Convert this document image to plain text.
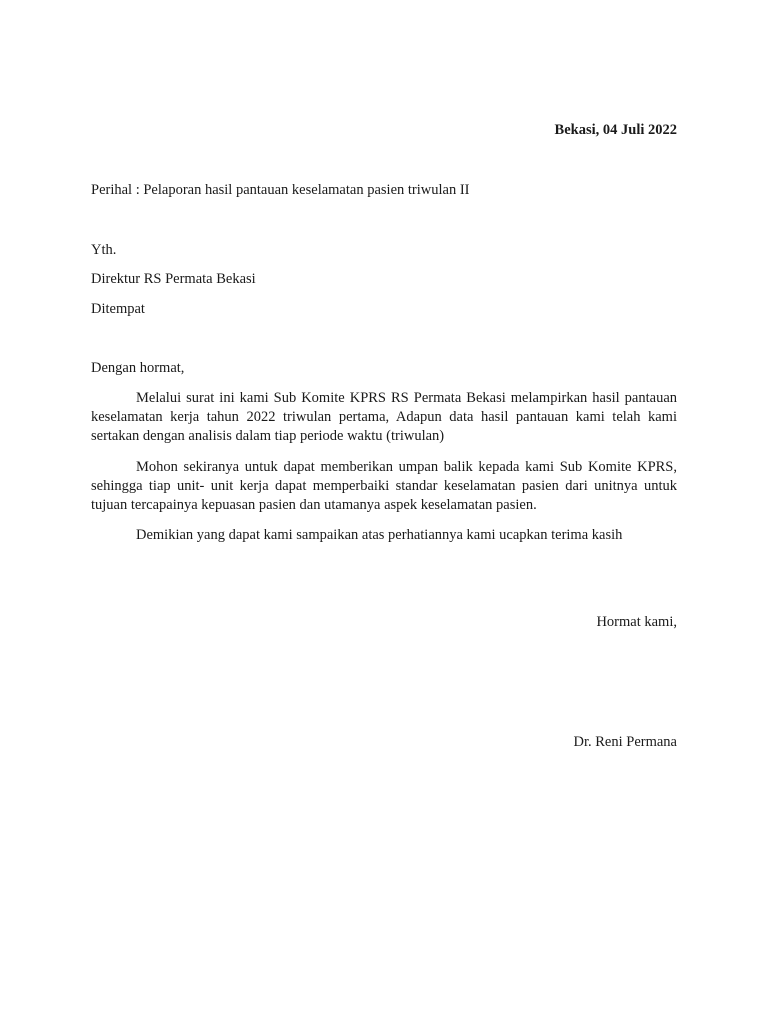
Bekasi, 04 Juli 2022
Perihal : Pelaporan hasil pantauan keselamatan pasien triwulan II
Yth.
Direktur RS Permata Bekasi
Ditempat
Dengan hormat,

Melalui surat ini kami Sub Komite KPRS RS Permata Bekasi melampirkan hasil pantauan keselamatan kerja tahun 2022 triwulan pertama, Adapun data hasil pantauan kami telah kami sertakan dengan analisis dalam tiap periode waktu (triwulan)

Mohon sekiranya untuk dapat memberikan umpan balik kepada kami Sub Komite KPRS, sehingga tiap unit- unit kerja dapat memperbaiki standar keselamatan pasien dari unitnya untuk tujuan tercapainya kepuasan pasien dan utamanya aspek keselamatan pasien.

Demikian yang dapat kami sampaikan atas perhatiannya kami ucapkan terima kasih

Hormat kami,
Dr. Reni Permana
